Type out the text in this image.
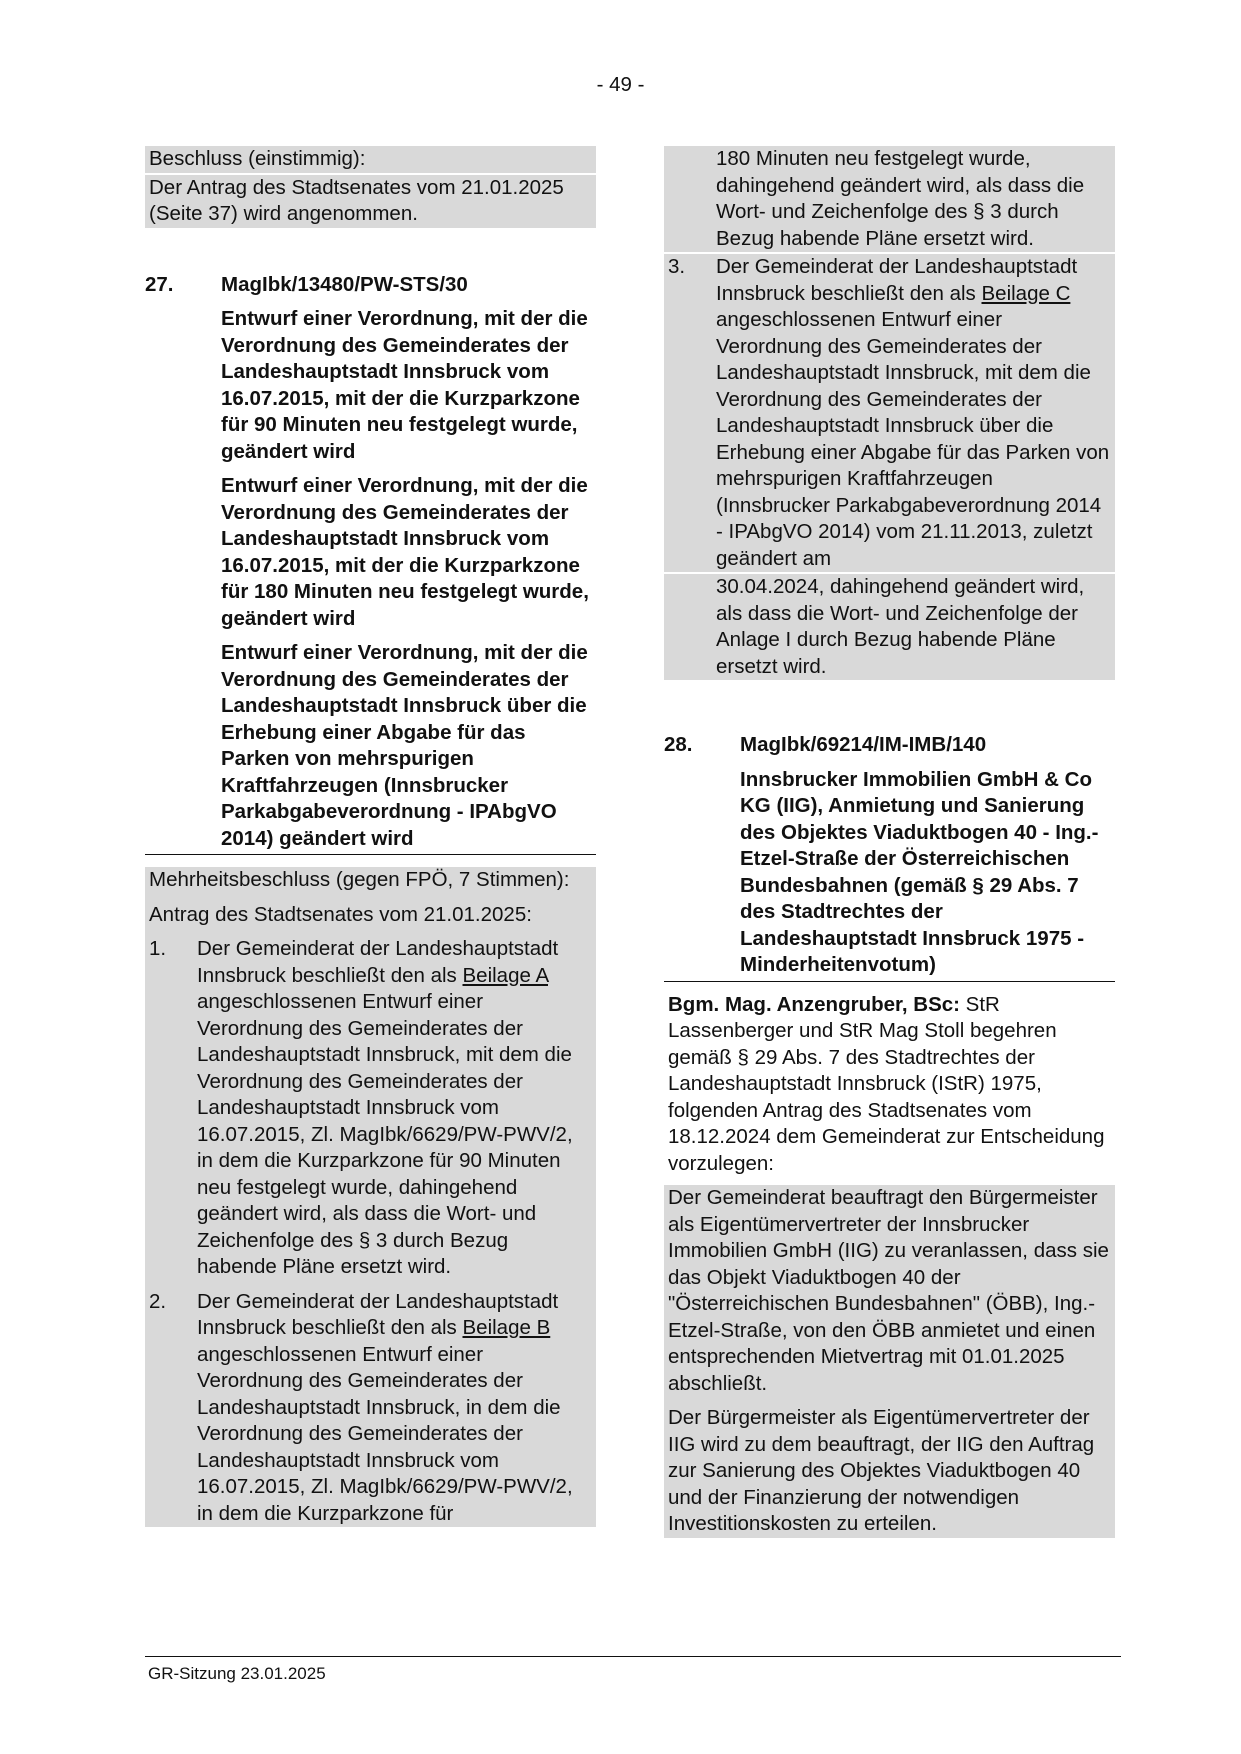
- 49 -

Beschluss (einstimmig):

Der Antrag des Stadtsenates vom 21.01.2025 (Seite 37) wird angenommen.

27.	MagIbk/13480/PW-STS/30

Entwurf einer Verordnung, mit der die Verordnung des Gemeinderates der Landeshauptstadt Innsbruck vom 16.07.2015, mit der die Kurzparkzone für 90 Minuten neu festgelegt wurde, geändert wird

Entwurf einer Verordnung, mit der die Verordnung des Gemeinderates der Landeshauptstadt Innsbruck vom 16.07.2015, mit der die Kurzparkzone für 180 Minuten neu festgelegt wurde, geändert wird

Entwurf einer Verordnung, mit der die Verordnung des Gemeinderates der Landeshauptstadt Innsbruck über die Erhebung einer Abgabe für das Parken von mehrspurigen Kraftfahrzeugen (Innsbrucker Parkabgabeverordnung - IPAbgVO 2014) geändert wird

Mehrheitsbeschluss (gegen FPÖ, 7 Stimmen):

Antrag des Stadtsenates vom 21.01.2025:

1.	Der Gemeinderat der Landeshauptstadt Innsbruck beschließt den als Beilage A angeschlossenen Entwurf einer Verordnung des Gemeinderates der Landeshauptstadt Innsbruck, mit dem die Verordnung des Gemeinderates der Landeshauptstadt Innsbruck vom 16.07.2015, Zl. MagIbk/6629/PW-PWV/2, in dem die Kurzparkzone für 90 Minuten neu festgelegt wurde, dahingehend geändert wird, als dass die Wort- und Zeichenfolge des § 3 durch Bezug habende Pläne ersetzt wird.
2.	Der Gemeinderat der Landeshauptstadt Innsbruck beschließt den als Beilage B angeschlossenen Entwurf einer Verordnung des Gemeinderates der Landeshauptstadt Innsbruck, in dem die Verordnung des Gemeinderates der Landeshauptstadt Innsbruck vom 16.07.2015, Zl. MagIbk/6629/PW-PWV/2, in dem die Kurzparkzone für

180 Minuten neu festgelegt wurde, dahingehend geändert wird, als dass die Wort- und Zeichenfolge des § 3 durch Bezug habende Pläne ersetzt wird.

3.	Der Gemeinderat der Landeshauptstadt Innsbruck beschließt den als Beilage C angeschlossenen Entwurf einer Verordnung des Gemeinderates der Landeshauptstadt Innsbruck, mit dem die Verordnung des Gemeinderates der Landeshauptstadt Innsbruck über die Erhebung einer Abgabe für das Parken von mehrspurigen Kraftfahrzeugen (Innsbrucker Parkabgabeverordnung 2014 - IPAbgVO 2014) vom 21.11.2013, zuletzt geändert am

30.04.2024, dahingehend geändert wird, als dass die Wort- und Zeichenfolge der Anlage I durch Bezug habende Pläne ersetzt wird.

28.	MagIbk/69214/IM-IMB/140

Innsbrucker Immobilien GmbH & Co KG (IIG), Anmietung und Sanierung des Objektes Viaduktbogen 40 - Ing.-Etzel-Straße der Österreichischen Bundesbahnen (gemäß § 29 Abs. 7 des Stadtrechtes der Landeshauptstadt Innsbruck 1975 - Minderheitenvotum)

Bgm. Mag. Anzengruber, BSc: StR Lassenberger und StR Mag Stoll begehren gemäß § 29 Abs. 7 des Stadtrechtes der Landeshauptstadt Innsbruck (IStR) 1975, folgenden Antrag des Stadtsenates vom 18.12.2024 dem Gemeinderat zur Entscheidung vorzulegen:

Der Gemeinderat beauftragt den Bürgermeister als Eigentümervertreter der Innsbrucker Immobilien GmbH (IIG) zu veranlassen, dass sie das Objekt Viaduktbogen 40 der "Österreichischen Bundesbahnen" (ÖBB), Ing.-Etzel-Straße, von den ÖBB anmietet und einen entsprechenden Mietvertrag mit 01.01.2025 abschließt.

Der Bürgermeister als Eigentümervertreter der IIG wird zu dem beauftragt, der IIG den Auftrag zur Sanierung des Objektes Viaduktbogen 40 und der Finanzierung der notwendigen Investitionskosten zu erteilen.

GR-Sitzung 23.01.2025
